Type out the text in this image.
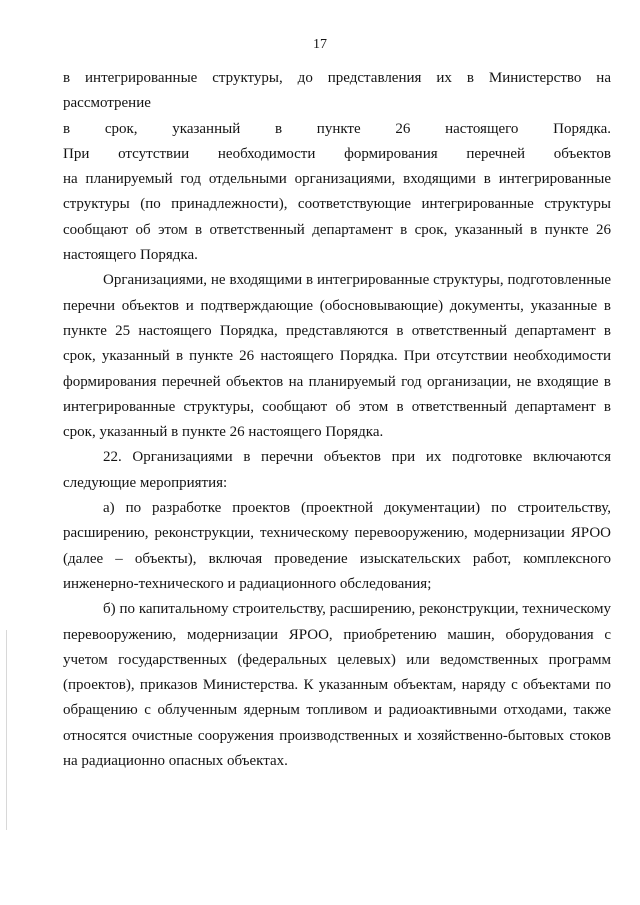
17
в интегрированные структуры, до представления их в Министерство на рассмотрение
в срок, указанный в пункте 26 настоящего Порядка.
При отсутствии необходимости формирования перечней объектов
на планируемый год отдельными организациями, входящими в интегрированные
структуры (по принадлежности), соответствующие интегрированные структуры
сообщают об этом в ответственный департамент в срок, указанный в пункте 26
настоящего Порядка.

Организациями, не входящими в интегрированные структуры, подготовленные перечни объектов и подтверждающие (обосновывающие) документы, указанные в пункте 25 настоящего Порядка, представляются в ответственный департамент в срок, указанный в пункте 26 настоящего Порядка. При отсутствии необходимости формирования перечней объектов на планируемый год организации, не входящие в интегрированные структуры, сообщают об этом в ответственный департамент в срок, указанный в пункте 26 настоящего Порядка.

22. Организациями в перечни объектов при их подготовке включаются следующие мероприятия:

а) по разработке проектов (проектной документации) по строительству, расширению, реконструкции, техническому перевооружению, модернизации ЯРОО (далее – объекты), включая проведение изыскательских работ, комплексного инженерно-технического и радиационного обследования;

б) по капитальному строительству, расширению, реконструкции, техническому перевооружению, модернизации ЯРОО, приобретению машин, оборудования с учетом государственных (федеральных целевых) или ведомственных программ (проектов), приказов Министерства. К указанным объектам, наряду с объектами по обращению с облученным ядерным топливом и радиоактивными отходами, также относятся очистные сооружения производственных и хозяйственно-бытовых стоков на радиационно опасных объектах.
